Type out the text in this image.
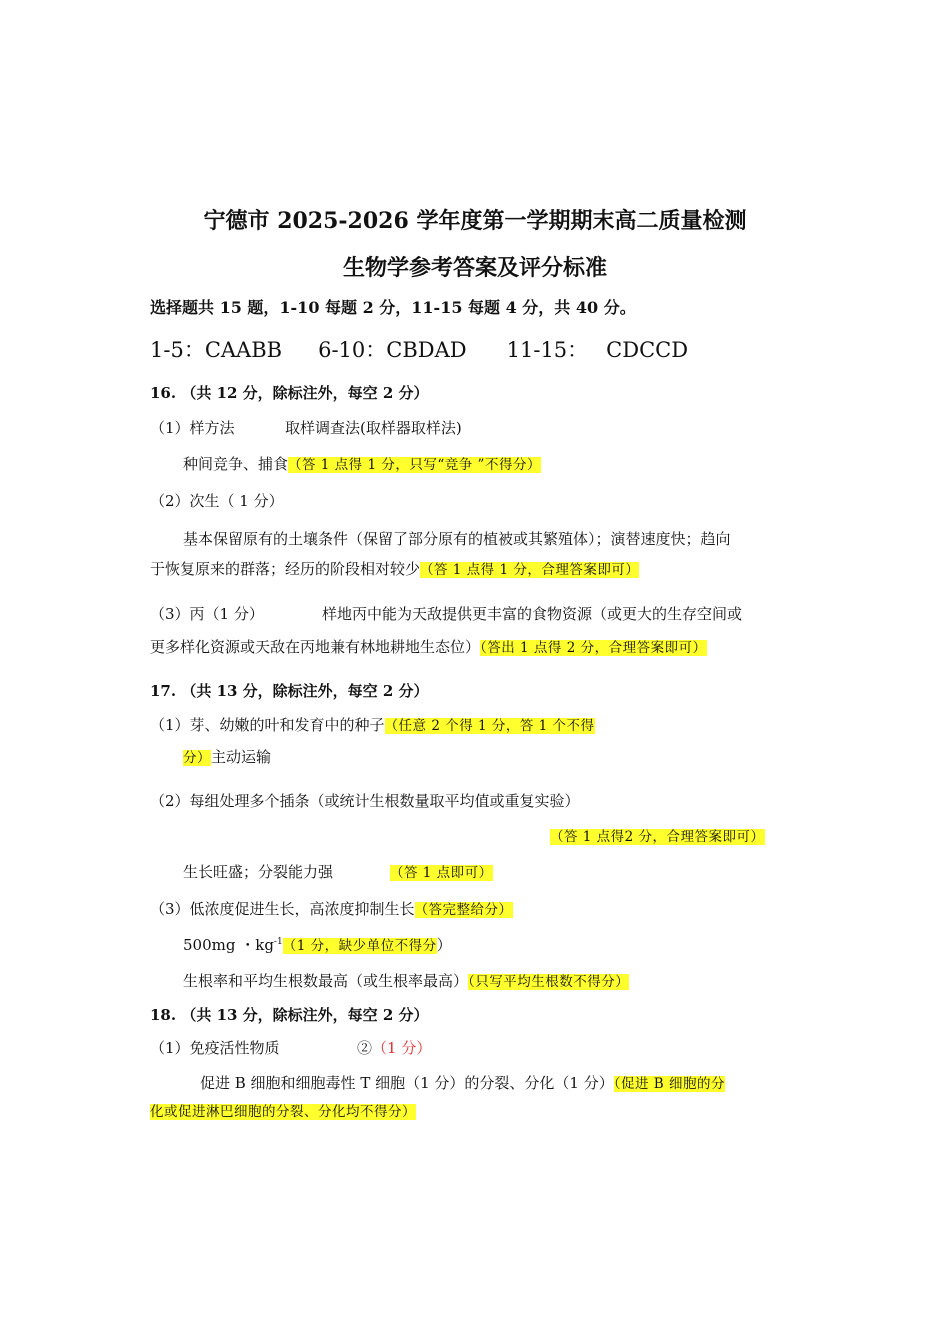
宁德市 2025-2026 学年度第一学期期末高二质量检测
生物学参考答案及评分标准
选择题共 15 题，1-10 每题 2 分，11-15 每题 4 分，共 40 分。
1-5：CAABB 6-10：CBDAD 11-15： CDCCD
16. （共 12 分，除标注外，每空 2 分）
（1）样方法	取样调查法(取样器取样法)
种间竞争、捕食（答 1 点得 1 分，只写“竞争 ”不得分）
（2）次生（ 1 分）
基本保留原有的土壤条件（保留了部分原有的植被或其繁殖体）；演替速度快；趋向
于恢复原来的群落；经历的阶段相对较少（答 1 点得 1 分，合理答案即可）
（3）丙（1 分）	样地丙中能为天敌提供更丰富的食物资源（或更大的生存空间或
更多样化资源或天敌在丙地兼有林地耕地生态位）（答出 1 点得 2 分，合理答案即可）
17. （共 13 分，除标注外，每空 2 分）
（1）芽、幼嫩的叶和发育中的种子（任意 2 个得 1 分，答 1 个不得
分）主动运输
（2）每组处理多个插条（或统计生根数量取平均值或重复实验）
（答 1 点得2 分，合理答案即可）
生长旺盛；分裂能力强	（答 1 点即可）
（3）低浓度促进生长，高浓度抑制生长（答完整给分）
500mg ・$kg^{-1}(1$ 分，缺少单位不得分）
生根率和平均生根数最高（或生根率最高）（只写平均生根数不得分）
18. （共 13 分，除标注外，每空 2 分）
（1）免疫活性物质	②（1 分）
促进 B 细胞和细胞毒性 T 细胞（1 分）的分裂、分化（1 分）（促进 B 细胞的分
化或促进淋巴细胞的分裂、分化均不得分）
